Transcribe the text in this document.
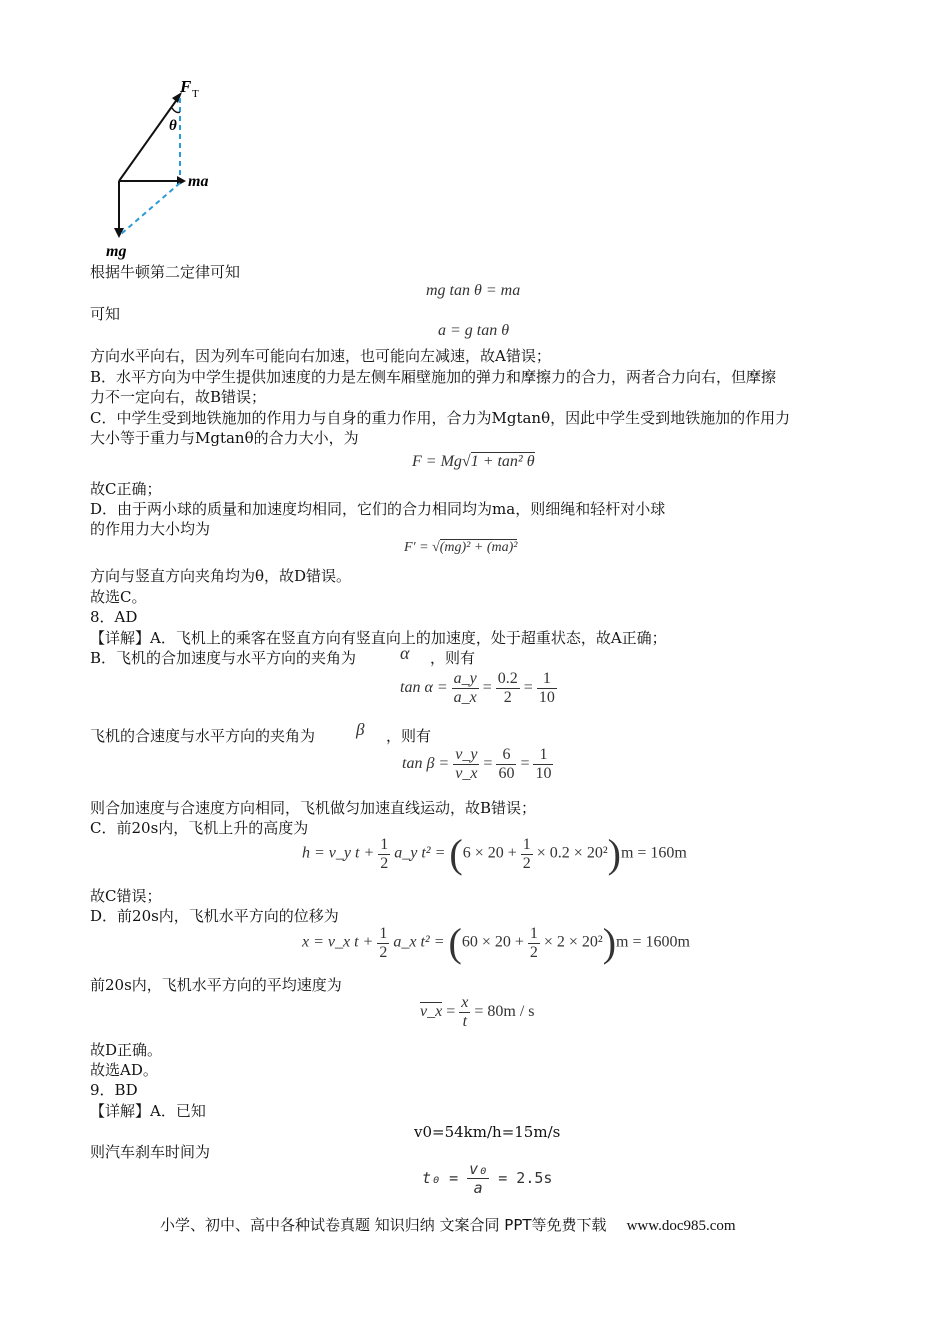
F T
θ
ma
mg
根据牛顿第二定律可知
mg tan θ = ma
可知
a = g tan θ
方向水平向右，因为列车可能向右加速，也可能向左减速，故A错误；
B．水平方向为中学生提供加速度的力是左侧车厢壁施加的弹力和摩擦力的合力，两者合力向右，但摩擦
力不一定向右，故B错误；
C．中学生受到地铁施加的作用力与自身的重力作用，合力为Mgtanθ，因此中学生受到地铁施加的作用力
大小等于重力与Mgtanθ的合力大小，为
F = Mg√1 + tan² θ
故C正确；
D．由于两小球的质量和加速度均相同，它们的合力相同均为ma，则细绳和轻杆对小球
的作用力大小均为
F′ = √(mg)² + (ma)²
方向与竖直方向夹角均为θ，故D错误。
故选C。
8．AD
【详解】A．飞机上的乘客在竖直方向有竖直向上的加速度，处于超重状态，故A正确；
B．飞机的合加速度与水平方向的夹角为 α ，则有
$\tan \alpha = \frac{a\_y}{a\_x} = \frac{0.2}{2} = \frac{1}{10}$
飞机的合速度与水平方向的夹角为 β ，则有
$\tan \beta = \frac{v\_y}{v\_x} = \frac{6}{60} = \frac{1}{10}$
则合加速度与合速度方向相同，飞机做匀加速直线运动，故B错误；
C．前20s内，飞机上升的高度为
h = v_y $t + \frac{1}{2}$ a_y $t^2 = (6 \times 20 + \frac{1}{2} \times 0.2 \times 20^2)m = 160m$
故C错误；
D．前20s内，飞机水平方向的位移为
x = v_x $t + \frac{1}{2}$ a_x $t^2 = (60 \times 20 + \frac{1}{2} \times 2 \times 20^2)m = 1600m$
前20s内，飞机水平方向的平均速度为
v_x = $\frac{x}{t} = 80m / s$
故D正确。
故选AD。
9．BD
【详解】A．已知
v0=54km/h=15m/s
则汽车刹车时间为
$t_0 = \frac{\text{v₀}}{a} = 2.5s$
小学、初中、高中各种试卷真题 知识归纳 文案合同 PPT等免费下载 www.doc985.com
